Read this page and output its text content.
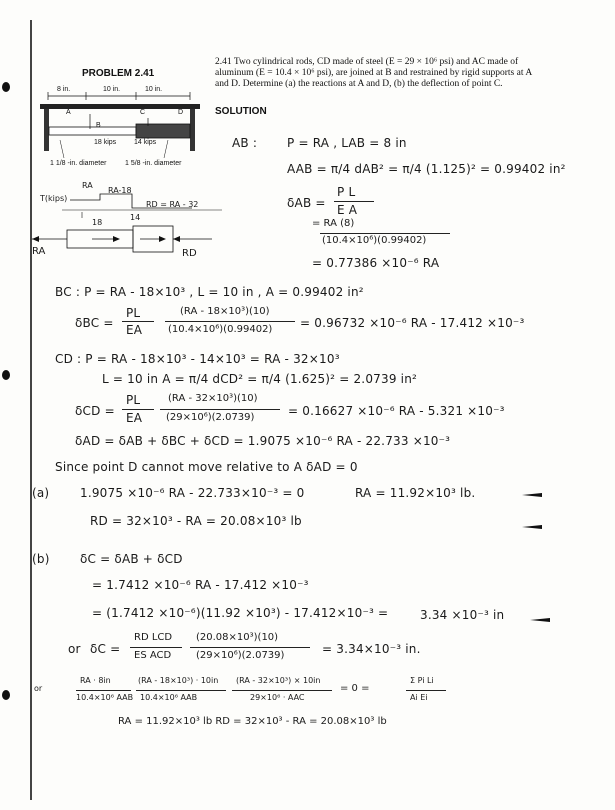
PROBLEM 2.41
2.41 Two cylindrical rods, CD made of steel (E = 29 × 10⁶ psi) and AC made of aluminum (E = 10.4 × 10⁶ psi), are joined at B and restrained by rigid supports at A and D. Determine (a) the reactions at A and D, (b) the deflection of point C.
SOLUTION
8 in.	10 in.	10 in.
A
B
C	D
18 kips	14 kips
1 1/8 -in. diameter	1 5/8 -in. diameter
T(kips)
RA
RA-18
RD = RA - 32
18
14
RA	RD
AB : P = RA , LAB = 8 in
AAB = π/4 dAB² = π/4 (1.125)² = 0.99402 in²
δAB =
P L
E A
= RA (8)
(10.4×10⁶)(0.99402)
= 0.77386 ×10⁻⁶ RA
BC : P = RA - 18×10³ , L = 10 in , A = 0.99402 in²
δBC =
PL
EA
(RA - 18×10³)(10)
(10.4×10⁶)(0.99402) = 0.96732 ×10⁻⁶ RA - 17.412 ×10⁻³
CD : P = RA - 18×10³ - 14×10³ = RA - 32×10³
L = 10 in A = π/4 dCD² = π/4 (1.625)² = 2.0739 in²
δCD =
PL
EA
(RA - 32×10³)(10)
(29×10⁶)(2.0739)	= 0.16627 ×10⁻⁶ RA - 5.321 ×10⁻³
δAD = δAB + δBC + δCD = 1.9075 ×10⁻⁶ RA - 22.733 ×10⁻³
Since point D cannot move relative to A δAD = 0
(a)	1.9075 ×10⁻⁶ RA - 22.733×10⁻³ = 0	RA = 11.92×10³ lb.
RD = 32×10³ - RA = 20.08×10³ lb
(b)	δC = δAB + δCD
= 1.7412 ×10⁻⁶ RA - 17.412 ×10⁻³
= (1.7412 ×10⁻⁶)(11.92 ×10³) - 17.412×10⁻³ =	3.34 ×10⁻³ in
or δC =
RD LCD
ES ACD
(20.08×10³)(10)
(29×10⁶)(2.0739)	= 3.34×10⁻³ in.
or
RA · 8in
10.4×10⁶ AAB
(RA - 18×10³) · 10in
10.4×10⁶ AAB
(RA - 32×10³) × 10in
29×10⁶ · AAC
= 0 =
Σ Pi Li
Ai Ei
RA = 11.92×10³ lb RD = 32×10³ - RA = 20.08×10³ lb
